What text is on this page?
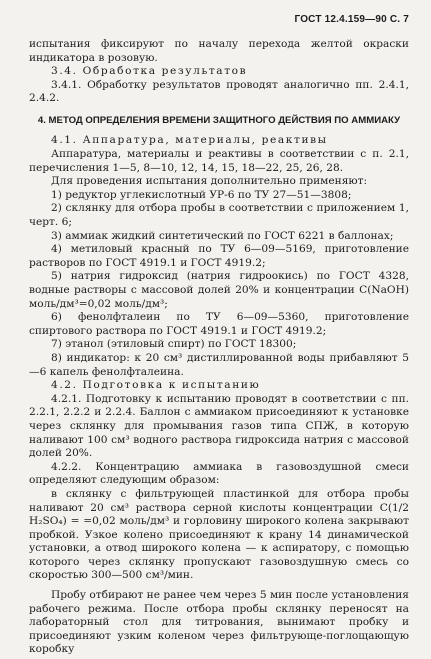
ГОСТ 12.4.159—90 С. 7

испытания фиксируют по началу перехода желтой окраски индикатора в розовую.

3.4. Обработка результатов

3.4.1. Обработку результатов проводят аналогично пп. 2.4.1, 2.4.2.

4. МЕТОД ОПРЕДЕЛЕНИЯ ВРЕМЕНИ ЗАЩИТНОГО ДЕЙСТВИЯ ПО АММИАКУ

4.1. Аппаратура, материалы, реактивы

Аппаратура, материалы и реактивы в соответствии с п. 2.1, перечисления 1—5, 8—10, 12, 14, 15, 18—22, 25, 26, 28.

Для проведения испытания дополнительно применяют:

1) редуктор углекислотный УР-6 по ТУ 27—51—3808;

2) склянку для отбора пробы в соответствии с приложением 1, черт. 6;

3) аммиак жидкий синтетический по ГОСТ 6221 в баллонах;

4) метиловый красный по ТУ 6—09—5169, приготовление растворов по ГОСТ 4919.1 и ГОСТ 4919.2;

5) натрия гидроксид (натрия гидроокись) по ГОСТ 4328, водные растворы с массовой долей 20% и концентрации C(NaOH) моль/дм³=0,02 моль/дм³;

6) фенолфталеин по ТУ 6—09—5360, приготовление спиртового раствора по ГОСТ 4919.1 и ГОСТ 4919.2;

7) этанол (этиловый спирт) по ГОСТ 18300;

8) индикатор: к 20 см³ дистиллированной воды прибавляют 5—6 капель фенолфталеина.

4.2. Подготовка к испытанию

4.2.1. Подготовку к испытанию проводят в соответствии с пп. 2.2.1, 2.2.2 и 2.2.4. Баллон с аммиаком присоединяют к установке через склянку для промывания газов типа СПЖ, в которую наливают 100 см³ водного раствора гидроксида натрия с массовой долей 20%.

4.2.2. Концентрацию аммиака в газовоздушной смеси определяют следующим образом:

в склянку с фильтрующей пластинкой для отбора пробы наливают 20 см³ раствора серной кислоты концентрации C(1/2 H₂SO₄) = =0,02 моль/дм³ и горловину широкого колена закрывают пробкой. Узкое колено присоединяют к крану 14 динамической установки, а отвод широкого колена — к аспиратору, с помощью которого через склянку пропускают газовоздушную смесь со скоростью 300—500 см³/мин.

Пробу отбирают не ранее чем через 5 мин после установления рабочего режима. После отбора пробы склянку переносят на лабораторный стол для титрования, вынимают пробку и присоединяют узким коленом через фильтрующе-поглощающую коробку
